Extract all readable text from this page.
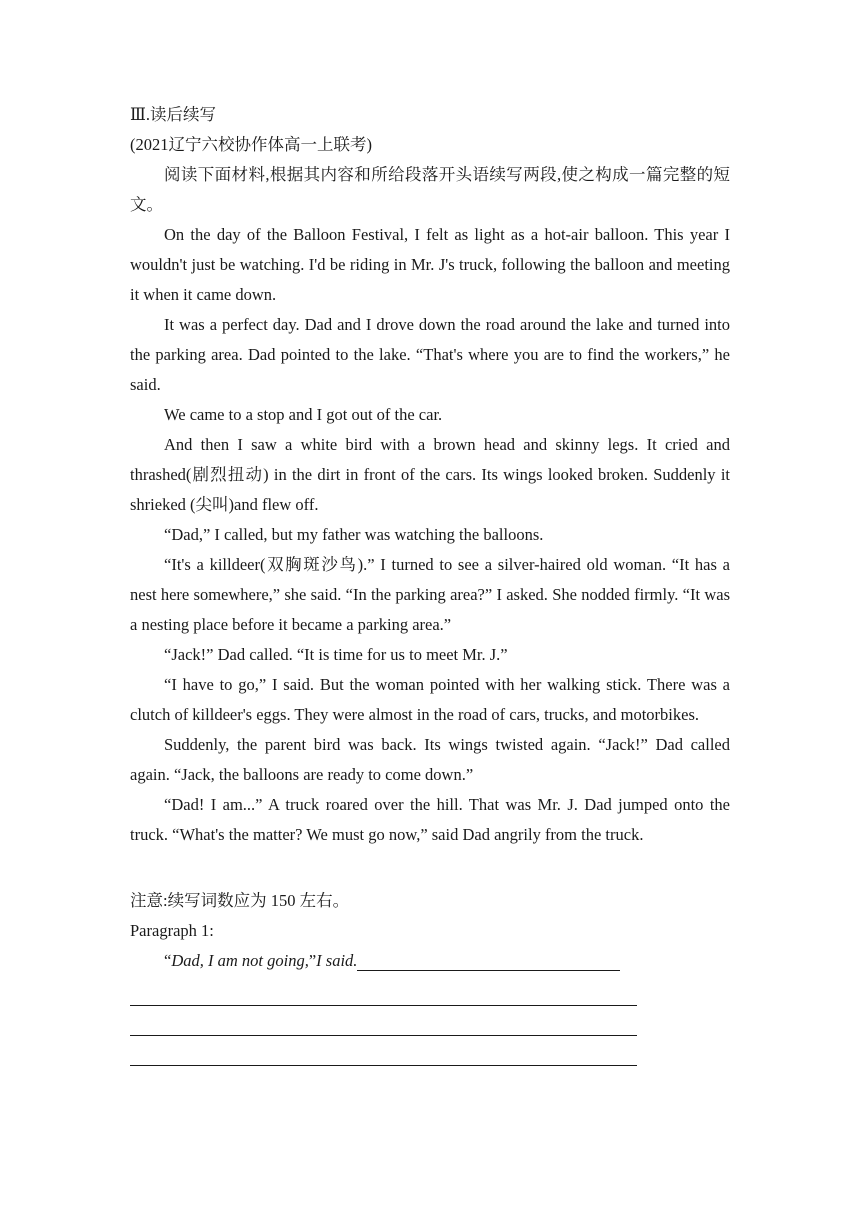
Ⅲ.读后续写

(2021辽宁六校协作体高一上联考)

阅读下面材料,根据其内容和所给段落开头语续写两段,使之构成一篇完整的短文。

On the day of the Balloon Festival, I felt as light as a hot-air balloon. This year I wouldn't just be watching. I'd be riding in Mr. J's truck, following the balloon and meeting it when it came down.

It was a perfect day. Dad and I drove down the road around the lake and turned into the parking area. Dad pointed to the lake. “That's where you are to find the workers,” he said.

We came to a stop and I got out of the car.

And then I saw a white bird with a brown head and skinny legs. It cried and thrashed(剧烈扭动) in the dirt in front of the cars. Its wings looked broken. Suddenly it shrieked (尖叫)and flew off.

“Dad,” I called, but my father was watching the balloons.

“It's a killdeer(双胸斑沙鸟).” I turned to see a silver-haired old woman. “It has a nest here somewhere,” she said. “In the parking area?” I asked. She nodded firmly. “It was a nesting place before it became a parking area.”

“Jack!” Dad called. “It is time for us to meet Mr. J.”

“I have to go,” I said. But the woman pointed with her walking stick. There was a clutch of killdeer's eggs. They were almost in the road of cars, trucks, and motorbikes.

Suddenly, the parent bird was back. Its wings twisted again. “Jack!” Dad called again. “Jack, the balloons are ready to come down.”

“Dad! I am...” A truck roared over the hill. That was Mr. J. Dad jumped onto the truck. “What's the matter? We must go now,” said Dad angrily from the truck.

注意:续写词数应为 150 左右。

Paragraph 1:

“ Dad, I am not going, ” I said.
